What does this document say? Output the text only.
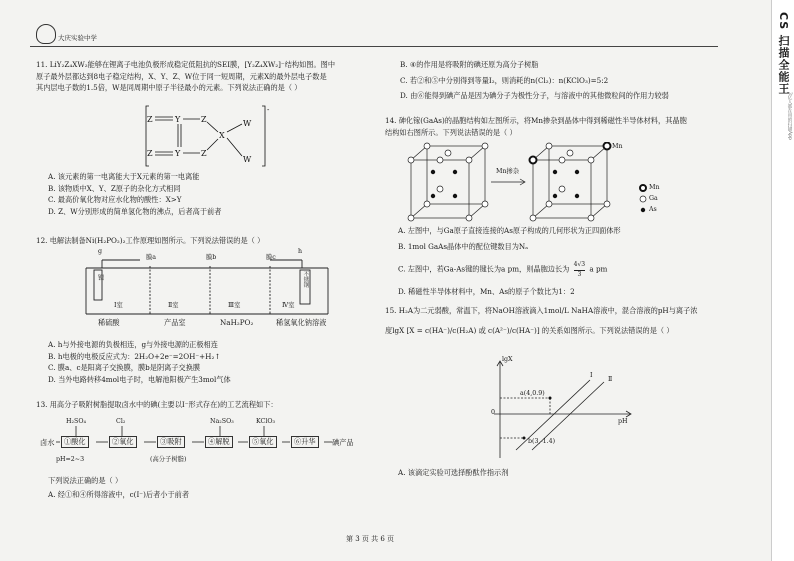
大庆实验中学	CS 扫描全能王
3亿人都在用的扫描App
11. LiY₂Z₄XW₂能够在锂离子电池负极形成稳定低阻抗的SEI膜，[Y₂Z₄XW₂]⁻结构如图。图中
原子最外层都达到8电子稳定结构，X、Y、Z、W位于同一短周期，元素X的最外层电子数是
其内层电子数的1.5倍，W是同周期中原子半径最小的元素。下列说法正确的是（ ）
Z	Y	Z
X
W
W
Z	Y	Z
-
A. 该元素的第一电离能大于X元素的第一电离能
B. 该物质中X、Y、Z原子的杂化方式相同
C. 最高价氧化物对应水化物的酸性：X>Y
D. Z、W分别形成的简单氢化物的沸点，后者高于前者
12. 电解法制备Ni(H₂PO₂)₂工作原理如图所示。下列说法错误的是（ ）
g	h
膜a	膜b	膜c
镍	不锈钢
Ⅰ室	Ⅱ室	Ⅲ室	Ⅳ室
稀硫酸	产品室	NaH₂PO₂	稀氢氧化钠溶液
A. h与外接电源的负极相连，g与外接电源的正极相连
B. h电极的电极反应式为：2H₂O+2e⁻=2OH⁻+H₂↑
C. 膜a、c是阳离子交换膜，膜b是阴离子交换膜
D. 当外电路转移4mol电子时，电解池阳极产生3mol气体
13. 用高分子吸附树脂提取卤水中的碘(主要以I⁻形式存在)的工艺流程如下：
卤水
H₂SO₄	Cl₂	Na₂SO₃	KClO₃
①酸化	②氧化	③吸附	④解脱	⑤氧化	⑥升华	碘产品
pH=2~3	(高分子树脂)
下列说法正确的是（ ）
A. 经①和④所得溶液中，c(I⁻)后者小于前者
B. ④的作用是将吸附的碘还原为高分子树脂
C. 若②和⑤中分别得到等量I₂，则消耗的n(Cl₂)：n(KClO₃)=5:2
D. 由⑥能得到碘产品是因为碘分子为极性分子，与溶液中的其他微粒间的作用力较弱
14. 砷化镓(GaAs)的晶胞结构如左图所示，将Mn掺杂到晶体中得到稀磁性半导体材料，其晶胞
结构如右图所示。下列说法错误的是（ ）
Mn掺杂
Mn
Mn
Ga
As
A. 左图中，与Ga原子直接连接的As原子构成的几何形状为正四面体形
B. 1mol GaAs晶体中的配位键数目为Nₐ
C. 左图中，若Ga-As键的键长为a pm，则晶胞边长为 $\frac{4√3}{3}$ a pm
D. 稀磁性半导体材料中，Mn、As的原子个数比为1：2
15. H₂A为二元弱酸，常温下，将NaOH溶液滴入1mol/L NaHA溶液中，混合溶液的pH与离子浓
度lgX [X = c(HA⁻)/c(H₂A) 或 c(A²⁻)/c(HA⁻)] 的关系如图所示。下列说法错误的是（ ）
lgX
pH
0
Ⅰ
Ⅱ
a(4,0.9)
b(3,-1.4)
A. 该滴定实验可选择酚酞作指示剂
第 3 页 共 6 页
